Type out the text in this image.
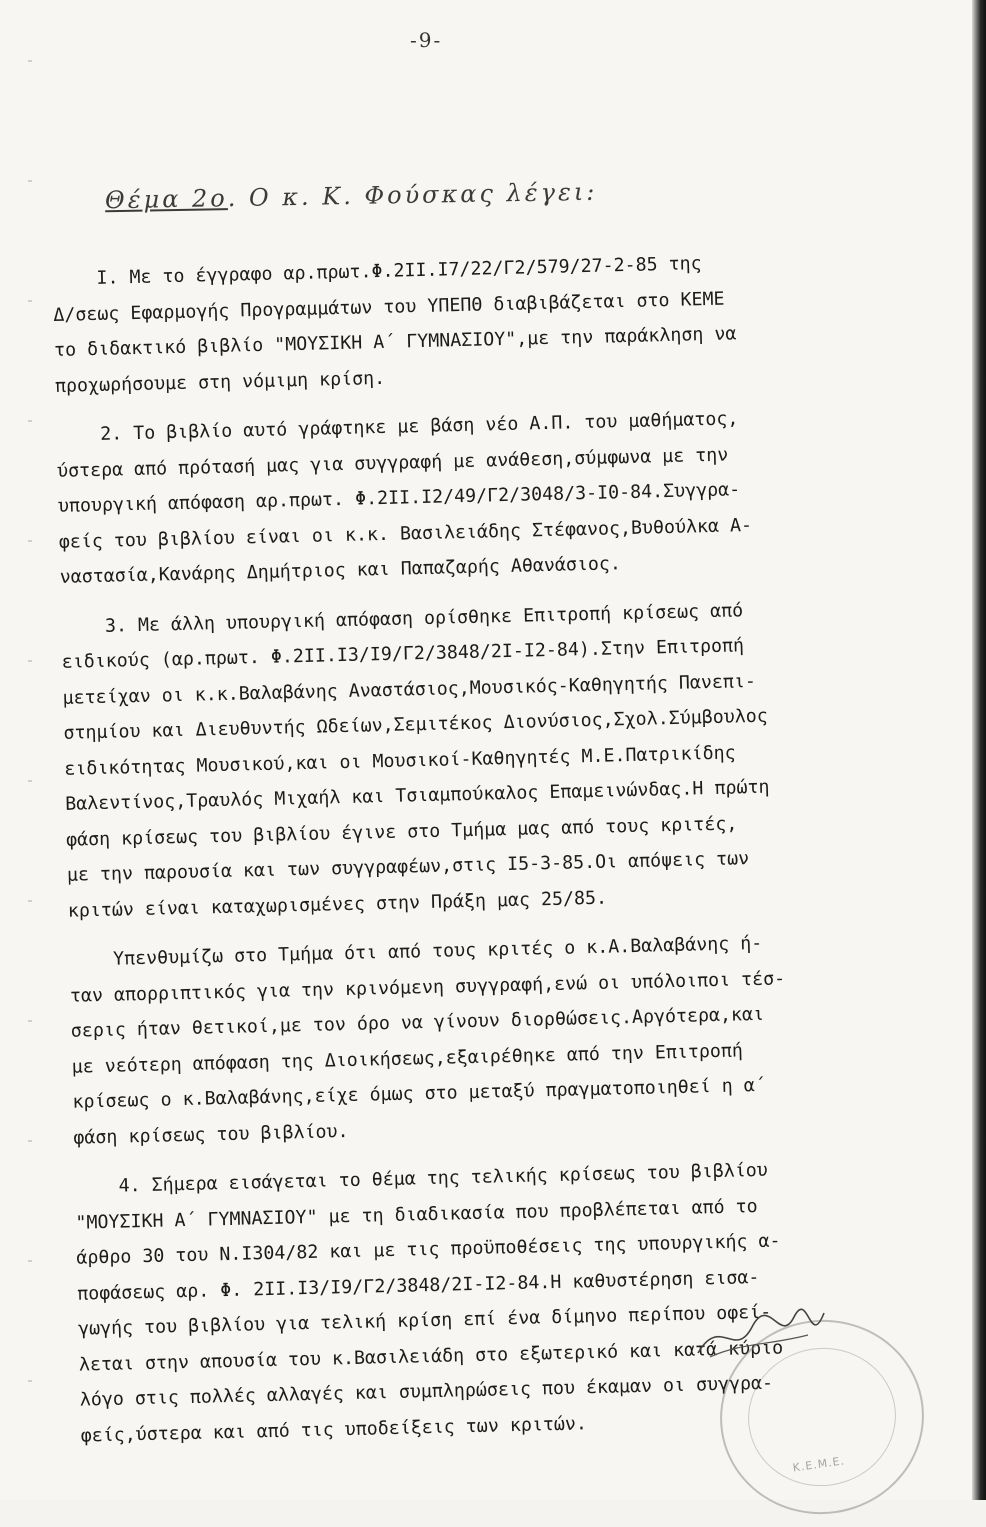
-9-
Θέμα 2ο. Ο κ. Κ. Φούσκας λέγει:
Ι. Με το έγγραφο αρ.πρωτ.Φ.2ΙΙ.Ι7/22/Γ2/579/27-2-85 της
Δ/σεως Εφαρμογής Προγραμμάτων του ΥΠΕΠΘ διαβιβάζεται στο ΚΕΜΕ
το διδακτικό βιβλίο "ΜΟΥΣΙΚΗ Α΄ ΓΥΜΝΑΣΙΟΥ",με την παράκληση να
προχωρήσουμε στη νόμιμη κρίση.
2. Το βιβλίο αυτό γράφτηκε με βάση νέο Α.Π. του μαθήματος,
ύστερα από πρότασή μας για συγγραφή με ανάθεση,σύμφωνα με την
υπουργική απόφαση αρ.πρωτ. Φ.2ΙΙ.Ι2/49/Γ2/3048/3-Ι0-84.Συγγρα-
φείς του βιβλίου είναι οι κ.κ. Βασιλειάδης Στέφανος,Βυθούλκα Α-
ναστασία,Κανάρης Δημήτριος και Παπαζαρής Αθανάσιος.
3. Με άλλη υπουργική απόφαση ορίσθηκε Επιτροπή κρίσεως από
ειδικούς (αρ.πρωτ. Φ.2ΙΙ.Ι3/Ι9/Γ2/3848/2Ι-Ι2-84).Στην Επιτροπή
μετείχαν οι κ.κ.Βαλαβάνης Αναστάσιος,Μουσικός-Καθηγητής Πανεπι-
στημίου και Διευθυντής Ωδείων,Σεμιτέκος Διονύσιος,Σχολ.Σύμβουλος
ειδικότητας Μουσικού,και οι Μουσικοί-Καθηγητές Μ.Ε.Πατρικίδης
Βαλεντίνος,Τραυλός Μιχαήλ και Τσιαμπούκαλος Επαμεινώνδας.Η πρώτη
φάση κρίσεως του βιβλίου έγινε στο Τμήμα μας από τους κριτές,
με την παρουσία και των συγγραφέων,στις Ι5-3-85.Οι απόψεις των
κριτών είναι καταχωρισμένες στην Πράξη μας 25/85.
Υπενθυμίζω στο Τμήμα ότι από τους κριτές ο κ.Α.Βαλαβάνης ή-
ταν απορριπτικός για την κρινόμενη συγγραφή,ενώ οι υπόλοιποι τέσ-
σερις ήταν θετικοί,με τον όρο να γίνουν διορθώσεις.Αργότερα,και
με νεότερη απόφαση της Διοικήσεως,εξαιρέθηκε από την Επιτροπή
κρίσεως ο κ.Βαλαβάνης,είχε όμως στο μεταξύ πραγματοποιηθεί η α΄
φάση κρίσεως του βιβλίου.
4. Σήμερα εισάγεται το θέμα της τελικής κρίσεως του βιβλίου
"ΜΟΥΣΙΚΗ Α΄ ΓΥΜΝΑΣΙΟΥ" με τη διαδικασία που προβλέπεται από το
άρθρο 30 του Ν.Ι304/82 και με τις προϋποθέσεις της υπουργικής α-
ποφάσεως αρ. Φ. 2ΙΙ.Ι3/Ι9/Γ2/3848/2Ι-Ι2-84.Η καθυστέρηση εισα-
γωγής του βιβλίου για τελική κρίση επί ένα δίμηνο περίπου οφεί-
λεται στην απουσία του κ.Βασιλειάδη στο εξωτερικό και κατά κύριο
λόγο στις πολλές αλλαγές και συμπληρώσεις που έκαμαν οι συγγρα-
φείς,ύστερα και από τις υποδείξεις των κριτών.
Κ.Ε.Μ.Ε.
